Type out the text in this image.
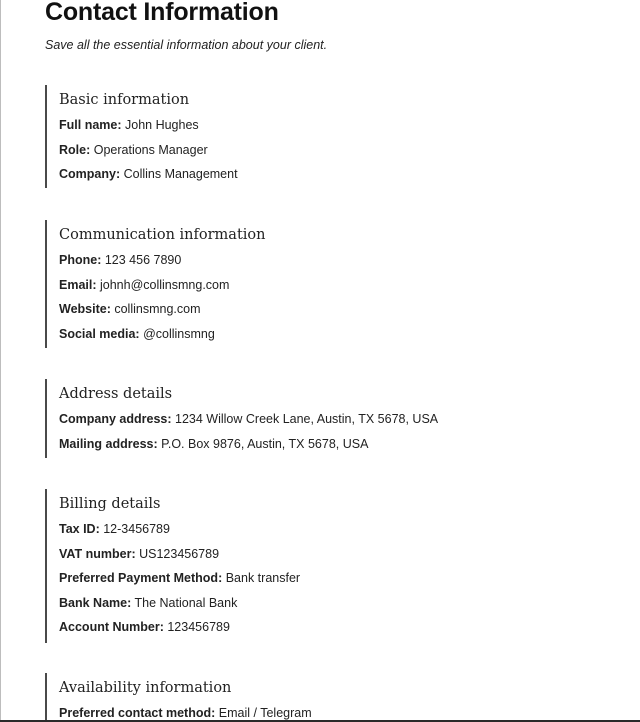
Contact Information

Save all the essential information about your client.

Basic information
Full name: John Hughes
Role: Operations Manager
Company: Collins Management
Communication information
Phone: 123 456 7890
Email: johnh@collinsmng.com
Website: collinsmng.com
Social media: @collinsmng
Address details
Company address: 1234 Willow Creek Lane, Austin, TX 5678, USA
Mailing address: P.O. Box 9876, Austin, TX 5678, USA
Billing details
Tax ID: 12-3456789
VAT number: US123456789
Preferred Payment Method: Bank transfer
Bank Name: The National Bank
Account Number: 123456789
Availability information
Preferred contact method: Email / Telegram
